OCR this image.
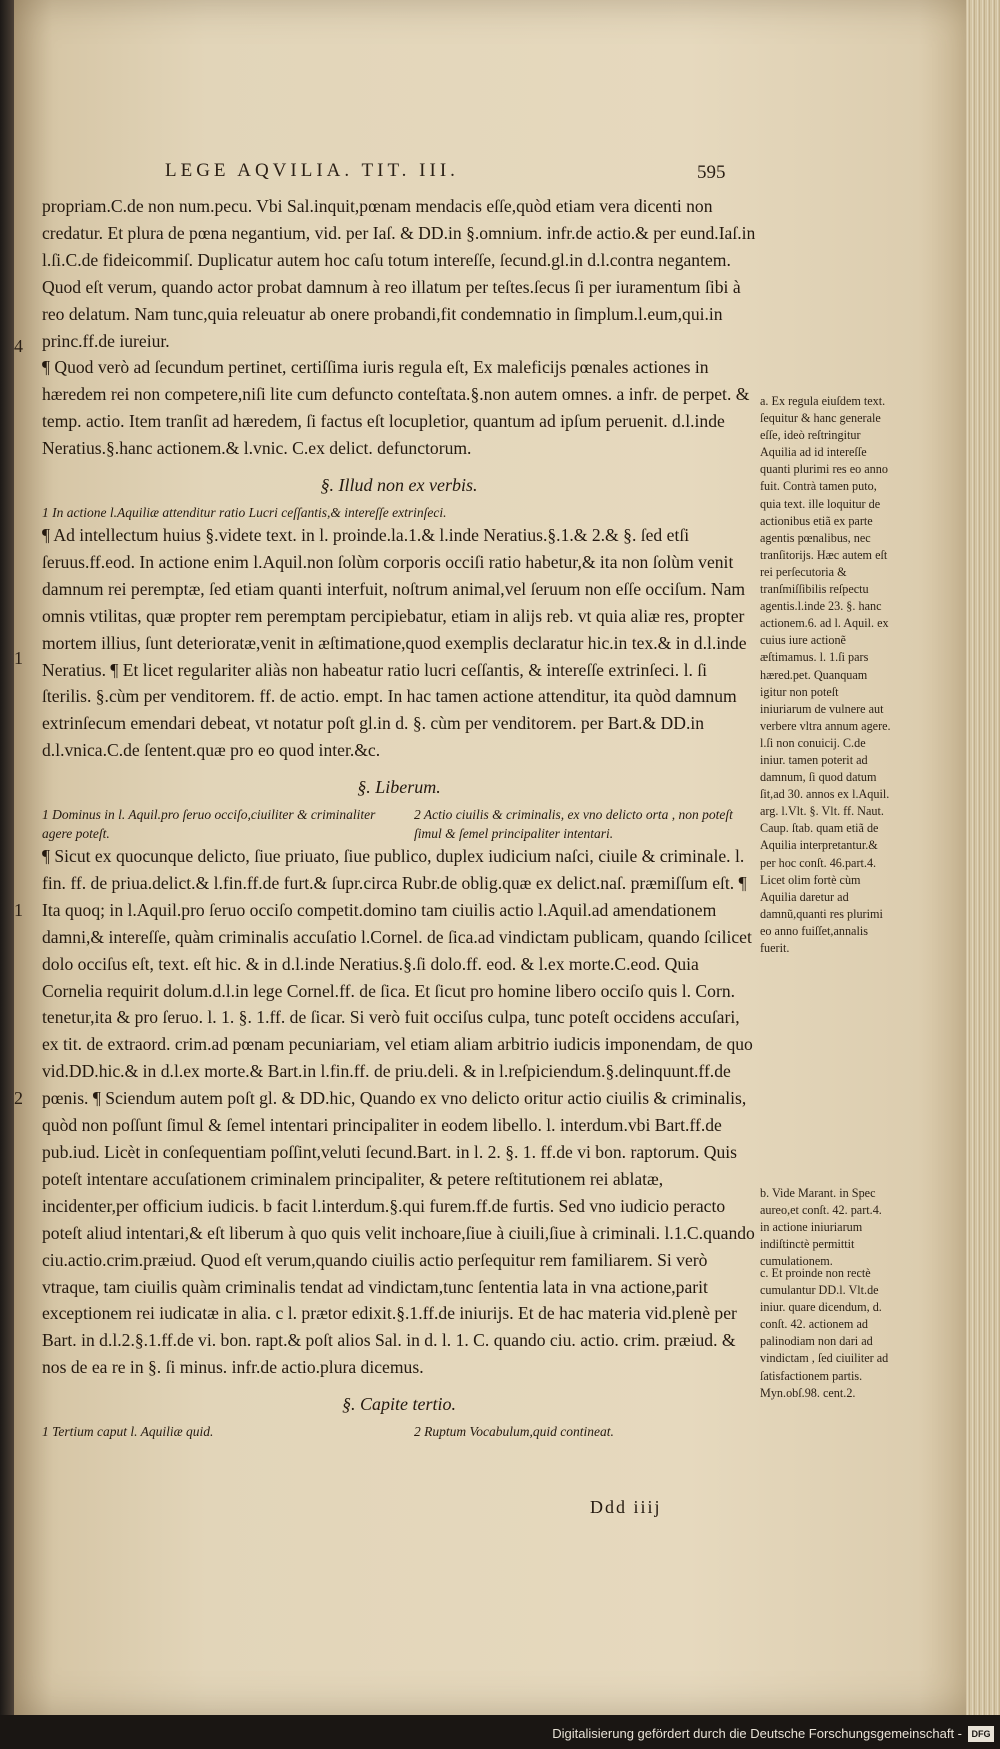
LEGE AQVILIA. TIT. III.	595
4
1
1
2

propriam.C.de non num.pecu. Vbi Sal.inquit,pœnam mendacis eſſe,quòd etiam vera dicenti non credatur. Et plura de pœna negantium, vid. per Iaſ. & DD.in §.omnium. infr.de actio.& per eund.Iaſ.in l.ſi.C.de fideicommiſ. Duplicatur autem hoc caſu totum intereſſe, ſecund.gl.in d.l.contra negantem. Quod eſt verum, quando actor probat damnum à reo illatum per teſtes.ſecus ſi per iuramentum ſibi à reo delatum. Nam tunc,quia releuatur ab onere probandi,fit condemnatio in ſimplum.l.eum,qui.in princ.ff.de iureiur.

¶ Quod verò ad ſecundum pertinet, certiſſima iuris regula eſt, Ex maleficijs pœnales actiones in hæredem rei non competere,niſi lite cum defuncto conteſtata.§.non autem omnes. a infr. de perpet. & temp. actio. Item tranſit ad hæredem, ſi factus eſt locupletior, quantum ad ipſum peruenit. d.l.inde Neratius.§.hanc actionem.& l.vnic. C.ex delict. defunctorum.

§. Illud non ex verbis.

1 In actione l.Aquiliæ attenditur ratio Lucri ceſſantis,& intereſſe extrinſeci.

¶ Ad intellectum huius §.videte text. in l. proinde.la.1.& l.inde Neratius.§.1.& 2.& §. ſed etſi ſeruus.ff.eod. In actione enim l.Aquil.non ſolùm corporis occiſi ratio habetur,& ita non ſolùm venit damnum rei peremptæ, ſed etiam quanti interfuit, noſtrum animal,vel ſeruum non eſſe occiſum. Nam omnis vtilitas, quæ propter rem peremptam percipiebatur, etiam in alijs reb. vt quia aliæ res, propter mortem illius, ſunt deterioratæ,venit in æſtimatione,quod exemplis declaratur hic.in tex.& in d.l.inde Neratius. ¶ Et licet regulariter aliàs non habeatur ratio lucri ceſſantis, & intereſſe extrinſeci. l. ſi ſterilis. §.cùm per venditorem. ff. de actio. empt. In hac tamen actione attenditur, ita quòd damnum extrinſecum emendari debeat, vt notatur poſt gl.in d. §. cùm per venditorem. per Bart.& DD.in d.l.vnica.C.de ſentent.quæ pro eo quod inter.&c.

§. Liberum.

1 Dominus in l. Aquil.pro ſeruo occiſo,ciuiliter & criminaliter agere poteſt.
2 Actio ciuilis & criminalis, ex vno delicto orta , non poteſt ſimul & ſemel principaliter intentari.

¶ Sicut ex quocunque delicto, ſiue priuato, ſiue publico, duplex iudicium naſci, ciuile & criminale. l. fin. ff. de priua.delict.& l.fin.ff.de furt.& ſupr.circa Rubr.de oblig.quæ ex delict.naſ. præmiſſum eſt. ¶ Ita quoq; in l.Aquil.pro ſeruo occiſo competit.domino tam ciuilis actio l.Aquil.ad amendationem damni,& intereſſe, quàm criminalis accuſatio l.Cornel. de ſica.ad vindictam publicam, quando ſcilicet dolo occiſus eſt, text. eſt hic. & in d.l.inde Neratius.§.ſi dolo.ff. eod. & l.ex morte.C.eod. Quia Cornelia requirit dolum.d.l.in lege Cornel.ff. de ſica. Et ſicut pro homine libero occiſo quis l. Corn. tenetur,ita & pro ſeruo. l. 1. §. 1.ff. de ſicar. Si verò fuit occiſus culpa, tunc poteſt occidens accuſari, ex tit. de extraord. crim.ad pœnam pecuniariam, vel etiam aliam arbitrio iudicis imponendam, de quo vid.DD.hic.& in d.l.ex morte.& Bart.in l.fin.ff. de priu.deli. & in l.reſpiciendum.§.delinquunt.ff.de pœnis. ¶ Sciendum autem poſt gl. & DD.hic, Quando ex vno delicto oritur actio ciuilis & criminalis, quòd non poſſunt ſimul & ſemel intentari principaliter in eodem libello. l. interdum.vbi Bart.ff.de pub.iud. Licèt in conſequentiam poſſint,veluti ſecund.Bart. in l. 2. §. 1. ff.de vi bon. raptorum. Quis poteſt intentare accuſationem criminalem principaliter, & petere reſtitutionem rei ablatæ, incidenter,per officium iudicis. b facit l.interdum.§.qui furem.ff.de furtis. Sed vno iudicio peracto poteſt aliud intentari,& eſt liberum à quo quis velit inchoare,ſiue à ciuili,ſiue à criminali. l.1.C.quando ciu.actio.crim.præiud. Quod eſt verum,quando ciuilis actio perſequitur rem familiarem. Si verò vtraque, tam ciuilis quàm criminalis tendat ad vindictam,tunc ſententia lata in vna actione,parit exceptionem rei iudicatæ in alia. c l. prætor edixit.§.1.ff.de iniurijs. Et de hac materia vid.plenè per Bart. in d.l.2.§.1.ff.de vi. bon. rapt.& poſt alios Sal. in d. l. 1. C. quando ciu. actio. crim. præiud. & nos de ea re in §. ſi minus. infr.de actio.plura dicemus.

§. Capite tertio.

1 Tertium caput l. Aquiliæ quid.	2 Ruptum Vocabulum,quid contineat.
a. Ex regula eiuſdem text. ſequitur & hanc generale eſſe, ideò reſtringitur Aquilia ad id intereſſe quanti plurimi res eo anno fuit. Contrà tamen puto, quia text. ille loquitur de actionibus etiã ex parte agentis pœnalibus, nec tranſitorijs. Hæc autem eſt rei perſecutoria & tranſmiſſibilis reſpectu agentis.l.inde 23. §. hanc actionem.6. ad l. Aquil. ex cuius iure actionẽ æſtimamus. l. 1.ſi pars hæred.pet. Quanquam igitur non poteſt iniuriarum de vulnere aut verbere vltra annum agere. l.ſi non conuicij. C.de iniur. tamen poterit ad damnum, ſi quod datum ſit,ad 30. annos ex l.Aquil. arg. l.Vlt. §. Vlt. ff. Naut. Caup. ſtab. quam etiã de Aquilia interpretantur.& per hoc conſt. 46.part.4. Licet olim fortè cùm Aquilia daretur ad damnũ,quanti res plurimi eo anno fuiſſet,annalis fuerit.
b. Vide Marant. in Spec aureo,et conſt. 42. part.4. in actione iniuriarum indiſtinctè permittit cumulationem.
c. Et proinde non rectè cumulantur DD.l. Vlt.de iniur. quare dicendum, d. conſt. 42. actionem ad palinodiam non dari ad vindictam , ſed ciuiliter ad ſatisfactionem partis. Myn.obſ.98. cent.2.
Ddd iiij
Digitalisierung gefördert durch die Deutsche Forschungsgemeinschaft -	DFG
